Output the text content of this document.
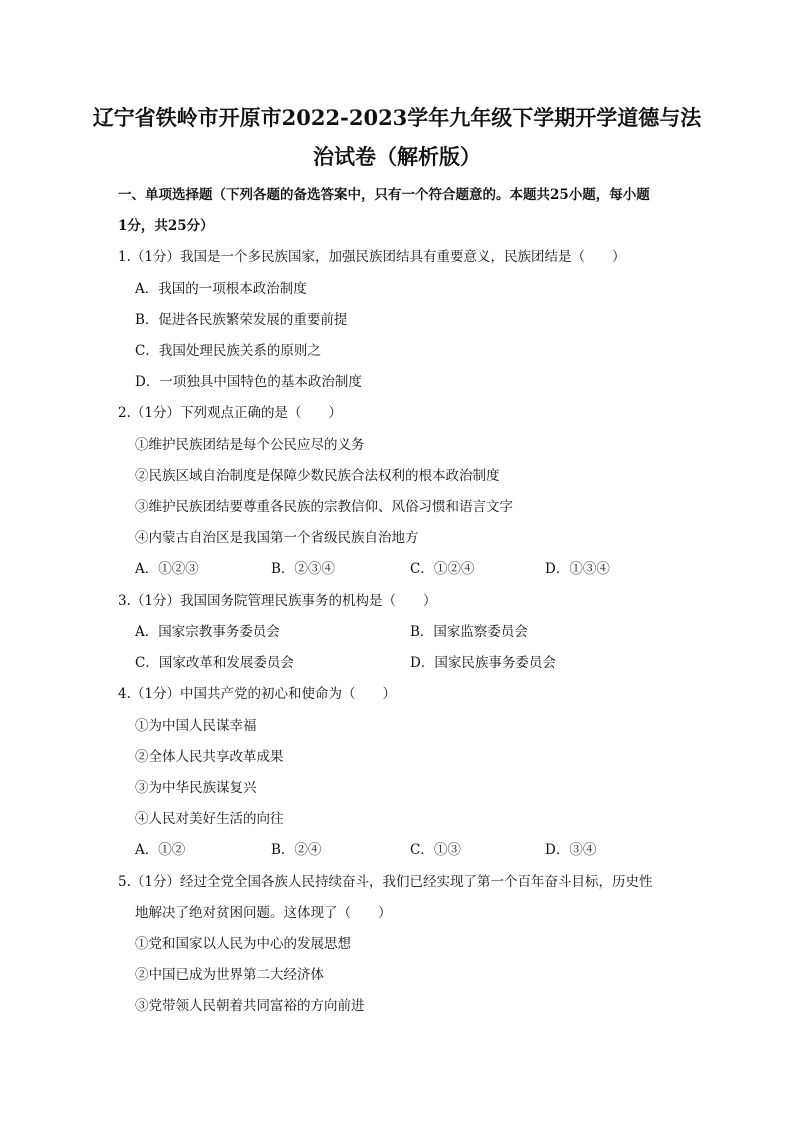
辽宁省铁岭市开原市2022-2023学年九年级下学期开学道德与法
治试卷（解析版）
一、单项选择题（下列各题的备选答案中，只有一个符合题意的。本题共25小题，每小题
1分，共25分）
1.（1分）我国是一个多民族国家，加强民族团结具有重要意义，民族团结是（　　）
A．我国的一项根本政治制度
B．促进各民族繁荣发展的重要前提
C．我国处理民族关系的原则之
D．一项独具中国特色的基本政治制度
2.（1分）下列观点正确的是（　　）
①维护民族团结是每个公民应尽的义务
②民族区域自治制度是保障少数民族合法权利的根本政治制度
③维护民族团结要尊重各民族的宗教信仰、风俗习惯和语言文字
④内蒙古自治区是我国第一个省级民族自治地方
A．①②③	B．②③④	C．①②④	D．①③④
3.（1分）我国国务院管理民族事务的机构是（　　）
A．国家宗教事务委员会	B．国家监察委员会
C．国家改革和发展委员会	D．国家民族事务委员会
4.（1分）中国共产党的初心和使命为（　　）
①为中国人民谋幸福
②全体人民共享改革成果
③为中华民族谋复兴
④人民对美好生活的向往
A．①②	B．②④	C．①③	D．③④
5.（1分）经过全党全国各族人民持续奋斗，我们已经实现了第一个百年奋斗目标，历史性
地解决了绝对贫困问题。这体现了（　　）
①党和国家以人民为中心的发展思想
②中国已成为世界第二大经济体
③党带领人民朝着共同富裕的方向前进
